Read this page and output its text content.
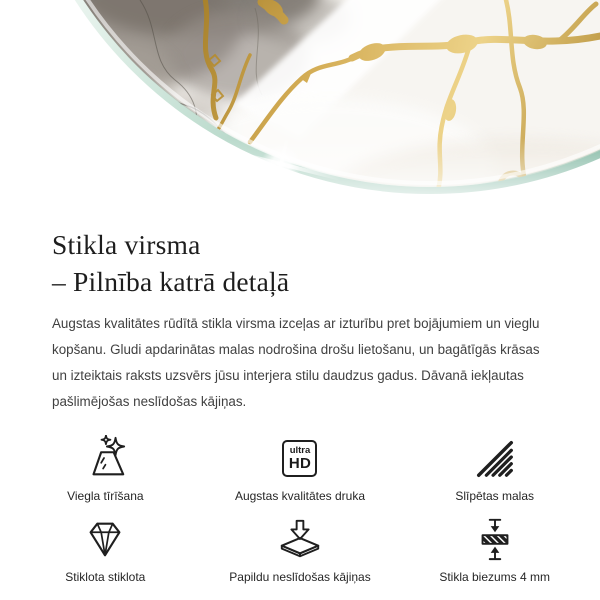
Stikla virsma
– Pilnība katrā detaļā

Augstas kvalitātes rūdītā stikla virsma izceļas ar izturību pret bojājumiem un vieglu kopšanu. Gludi apdarinātas malas nodrošina drošu lietošanu, un bagātīgās krāsas un izteiktais raksts uzsvērs jūsu interjera stilu daudzus gadus. Dāvanā iekļautas pašlimējošas neslīdošas kājiņas.

Viegla tīrīšana
ultra
HD
Augstas kvalitātes druka	Slīpētas malas
Stiklota stiklota	Papildu neslīdošas kājiņas	Stikla biezums 4 mm
